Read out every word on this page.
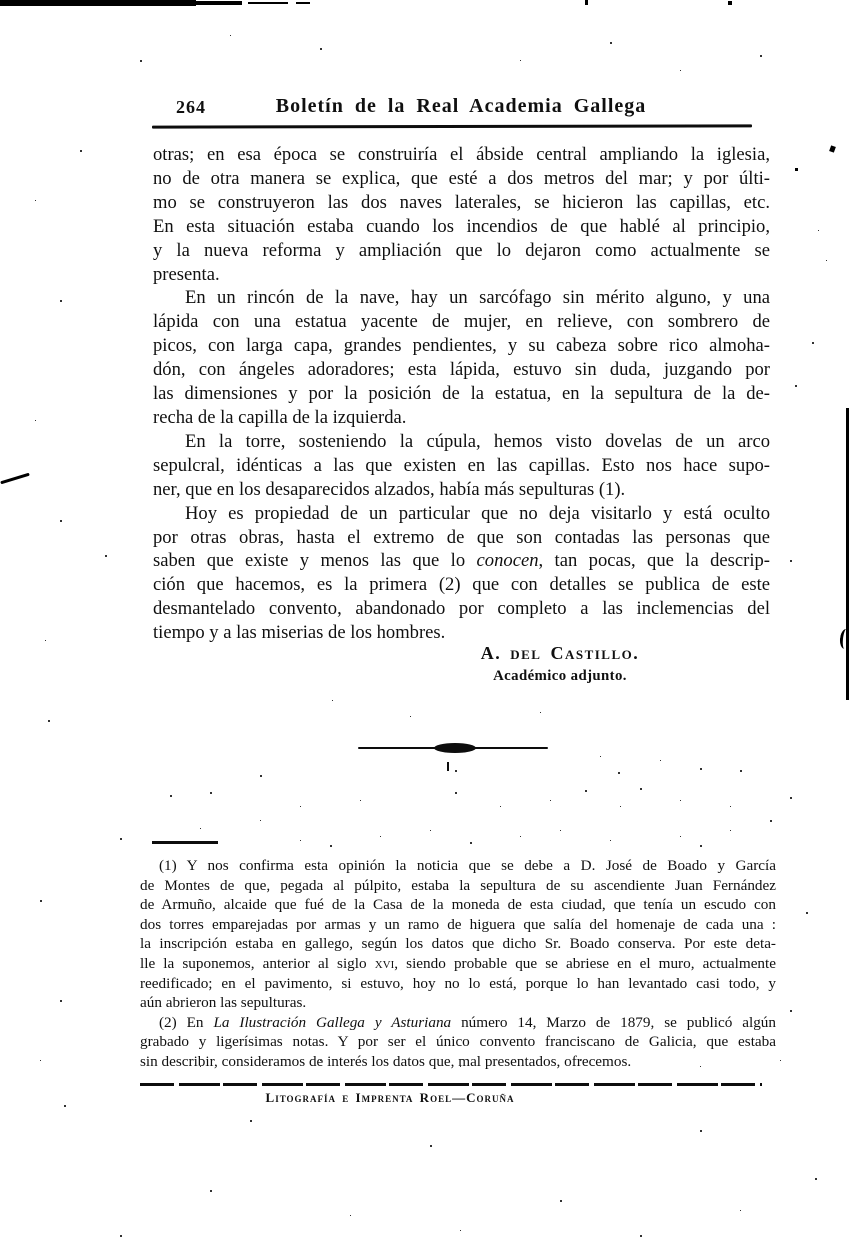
264	Boletín de la Real Academia Gallega
otras; en esa época se construiría el ábside central ampliando la iglesia,
no de otra manera se explica, que esté a dos metros del mar; y por últi-
mo se construyeron las dos naves laterales, se hicieron las capillas, etc.
En esta situación estaba cuando los incendios de que hablé al principio,
y la nueva reforma y ampliación que lo dejaron como actualmente se
presenta.
En un rincón de la nave, hay un sarcófago sin mérito alguno, y una
lápida con una estatua yacente de mujer, en relieve, con sombrero de
picos, con larga capa, grandes pendientes, y su cabeza sobre rico almoha-
dón, con ángeles adoradores; esta lápida, estuvo sin duda, juzgando por
las dimensiones y por la posición de la estatua, en la sepultura de la de-
recha de la capilla de la izquierda.
En la torre, sosteniendo la cúpula, hemos visto dovelas de un arco
sepulcral, idénticas a las que existen en las capillas. Esto nos hace supo-
ner, que en los desaparecidos alzados, había más sepulturas (1).
Hoy es propiedad de un particular que no deja visitarlo y está oculto
por otras obras, hasta el extremo de que son contadas las personas que
saben que existe y menos las que lo conocen, tan pocas, que la descrip-
ción que hacemos, es la primera (2) que con detalles se publica de este
desmantelado convento, abandonado por completo a las inclemencias del
tiempo y a las miserias de los hombres.
A. del Castillo.
Académico adjunto.
(1) Y nos confirma esta opinión la noticia que se debe a D. José de Boado y García
de Montes de que, pegada al púlpito, estaba la sepultura de su ascendiente Juan Fernández
de Armuño, alcaide que fué de la Casa de la moneda de esta ciudad, que tenía un escudo con
dos torres emparejadas por armas y un ramo de higuera que salía del homenaje de cada una :
la inscripción estaba en gallego, según los datos que dicho Sr. Boado conserva. Por este deta-
lle la suponemos, anterior al siglo xvi, siendo probable que se abriese en el muro, actualmente
reedificado; en el pavimento, si estuvo, hoy no lo está, porque lo han levantado casi todo, y
aún abrieron las sepulturas.
(2) En La Ilustración Gallega y Asturiana número 14, Marzo de 1879, se publicó algún
grabado y ligerísimas notas. Y por ser el único convento franciscano de Galicia, que estaba
sin describir, consideramos de interés los datos que, mal presentados, ofrecemos.
Litografía e Imprenta Roel—Coruña
